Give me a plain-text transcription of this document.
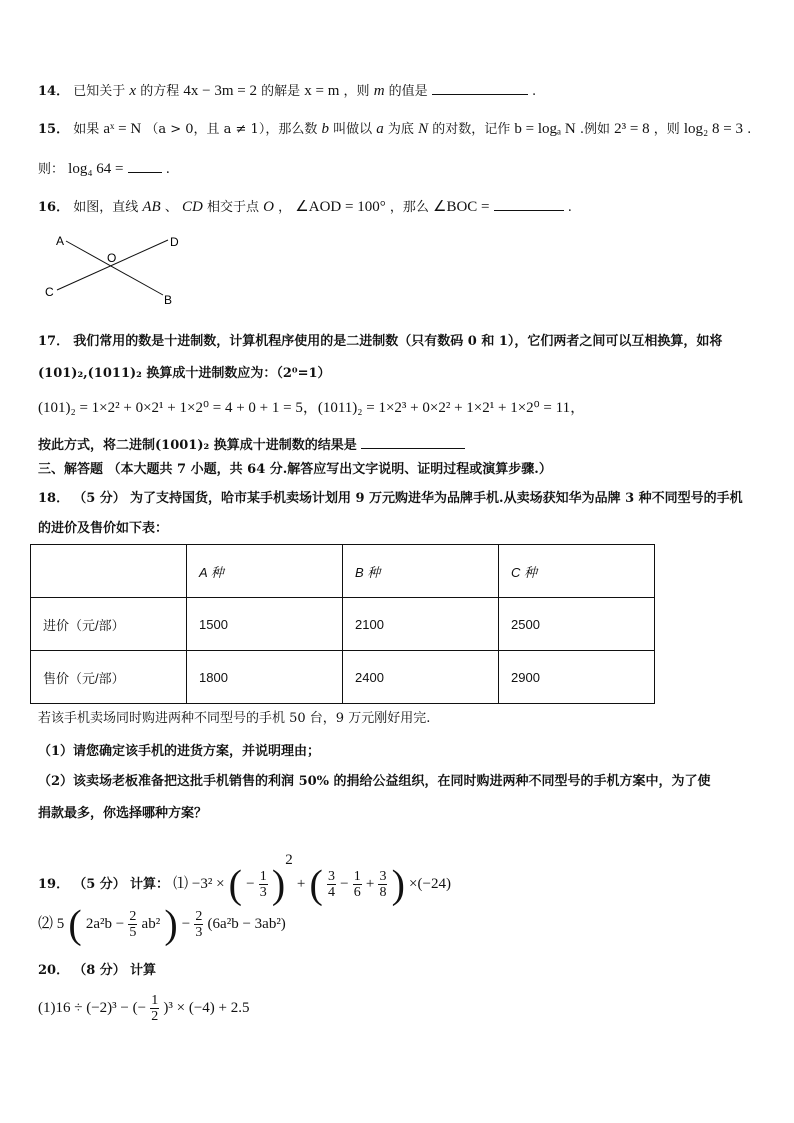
14． 已知关于 x 的方程 4x − 3m = 2 的解是 x = m ，则 m 的值是	.
15． 如果 aˣ = N （a > 0，且 a ≠ 1），那么数 b 叫做以 a 为底 N 的对数，记作 b = logₐ N .例如 2³ = 8 ，则 log₂ 8 = 3 .
则： log₄ 64 =	.
16． 如图，直线 AB 、 CD 相交于点 O ， ∠AOD = 100° ，那么 ∠BOC =	.
A
B
C
D
O
17． 我们常用的数是十进制数，计算机程序使用的是二进制数（只有数码 0 和 1），它们两者之间可以互相换算，如将
(101)₂,(1011)₂ 换算成十进制数应为：（2⁰=1）
(101)₂ = 1×2² + 0×2¹ + 1×2⁰ = 4 + 0 + 1 = 5，(1011)₂ = 1×2³ + 0×2² + 1×2¹ + 1×2⁰ = 11，
按此方式，将二进制(1001)₂ 换算成十进制数的结果是
三、解答题 （本大题共 7 小题，共 64 分.解答应写出文字说明、证明过程或演算步骤.）
18． （5 分） 为了支持国货，哈市某手机卖场计划用 9 万元购进华为品牌手机.从卖场获知华为品牌 3 种不同型号的手机
的进价及售价如下表：
	A 种	B 种	C 种
进价（元/部）	1500	2100	2500
售价（元/部）	1800	2400	2900
若该手机卖场同时购进两种不同型号的手机 50 台，9 万元刚好用完.
（1）请您确定该手机的进货方案，并说明理由；
（2）该卖场老板准备把这批手机销售的利润 50% 的捐给公益组织，在同时购进两种不同型号的手机方案中，为了使
捐款最多，你选择哪种方案？
19． （5 分） 计算： ⑴ −3² × ( − $\frac{1}{3} )^2$ + ( $\frac{3}{4} - \frac{1}{6} + \frac{3}{8}$ ) ×(−24)
⑵ 5 ( $2a^2b - \frac{2}{5} ab^2$ ) − $\frac{2}{3} (6a^2b - 3ab^2)$
20． （8 分） 计算
(1)16 ÷ (−2)³ − (− $\frac{1}{2} )^3 \times (-4) + 2.5$
